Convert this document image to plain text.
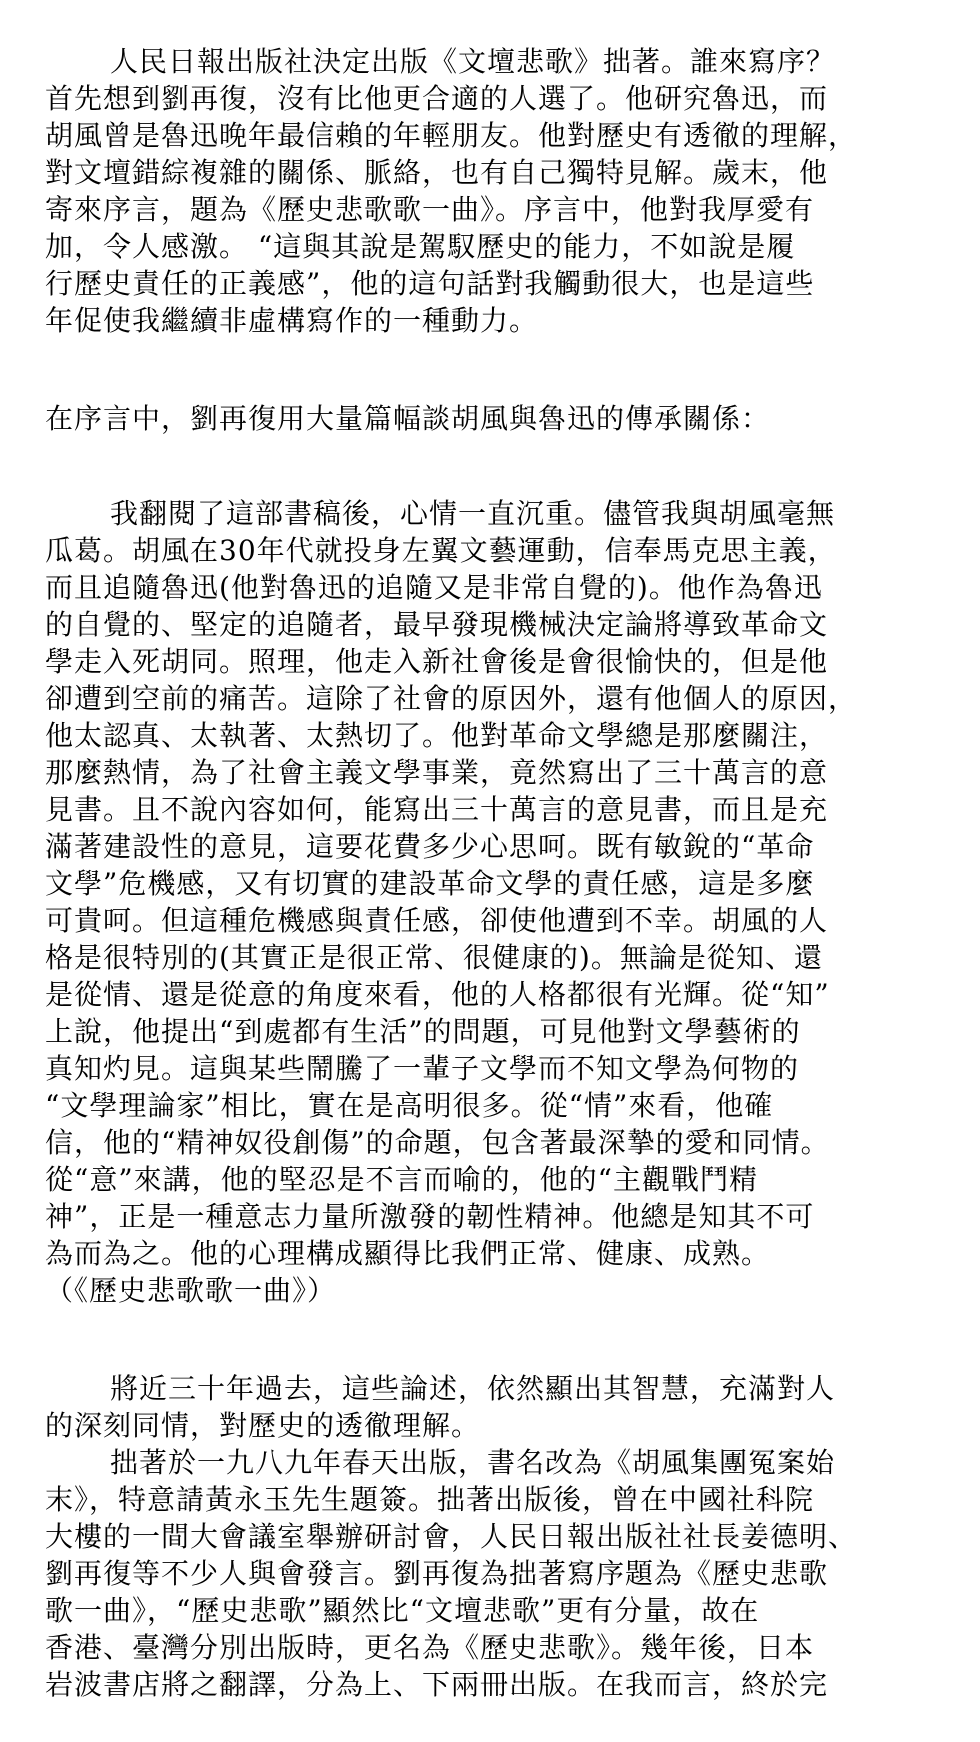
人民日報出版社決定出版《文壇悲歌》拙著。誰來寫序？
首先想到劉再復，沒有比他更合適的人選了。他研究魯迅，而
胡風曾是魯迅晚年最信賴的年輕朋友。他對歷史有透徹的理解，
對文壇錯綜複雜的關係、脈絡，也有自己獨特見解。歲末，他
寄來序言，題為《歷史悲歌歌一曲》。序言中，他對我厚愛有
加，令人感激。 “這與其說是駕馭歷史的能力，不如說是履
行歷史責任的正義感”，他的這句話對我觸動很大，也是這些
年促使我繼續非虛構寫作的一種動力。
在序言中，劉再復用大量篇幅談胡風與魯迅的傳承關係：
我翻閱了這部書稿後，心情一直沉重。儘管我與胡風毫無
瓜葛。胡風在30年代就投身左翼文藝運動，信奉馬克思主義，
而且追隨魯迅(他對魯迅的追隨又是非常自覺的)。他作為魯迅
的自覺的、堅定的追隨者，最早發現機械決定論將導致革命文
學走入死胡同。照理，他走入新社會後是會很愉快的，但是他
卻遭到空前的痛苦。這除了社會的原因外，還有他個人的原因，
他太認真、太執著、太熱切了。他對革命文學總是那麼關注，
那麼熱情，為了社會主義文學事業，竟然寫出了三十萬言的意
見書。且不說內容如何，能寫出三十萬言的意見書，而且是充
滿著建設性的意見，這要花費多少心思呵。既有敏銳的“革命
文學”危機感，又有切實的建設革命文學的責任感，這是多麼
可貴呵。但這種危機感與責任感，卻使他遭到不幸。胡風的人
格是很特別的(其實正是很正常、很健康的)。無論是從知、還
是從情、還是從意的角度來看，他的人格都很有光輝。從“知”
上說，他提出“到處都有生活”的問題，可見他對文學藝術的
真知灼見。這與某些鬧騰了一輩子文學而不知文學為何物的
“文學理論家”相比，實在是高明很多。從“情”來看，他確
信，他的“精神奴役創傷”的命題，包含著最深摯的愛和同情。
從“意”來講，他的堅忍是不言而喻的，他的“主觀戰鬥精
神”，正是一種意志力量所激發的韌性精神。他總是知其不可
為而為之。他的心理構成顯得比我們正常、健康、成熟。
（《歷史悲歌歌一曲》）
將近三十年過去，這些論述，依然顯出其智慧，充滿對人
的深刻同情，對歷史的透徹理解。
拙著於一九八九年春天出版，書名改為《胡風集團冤案始
末》，特意請黃永玉先生題簽。拙著出版後，曾在中國社科院
大樓的一間大會議室舉辦研討會，人民日報出版社社長姜德明、
劉再復等不少人與會發言。劉再復為拙著寫序題為《歷史悲歌
歌一曲》，“歷史悲歌”顯然比“文壇悲歌”更有分量，故在
香港、臺灣分別出版時，更名為《歷史悲歌》。幾年後，日本
岩波書店將之翻譯，分為上、下兩冊出版。在我而言，終於完
